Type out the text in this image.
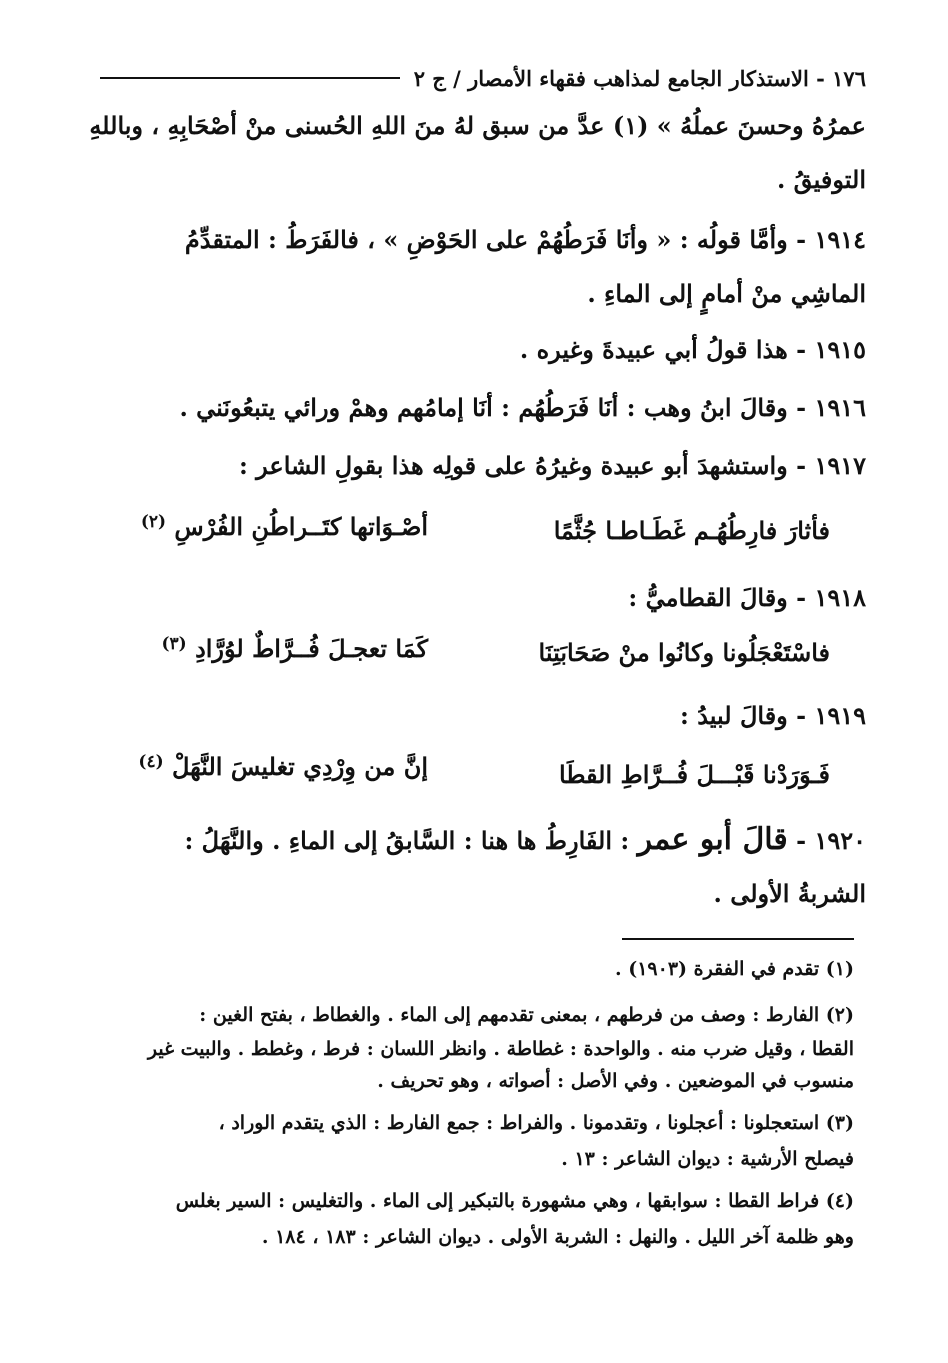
١٧٦ - الاستذكار الجامع لمذاهب فقهاء الأمصار / ج ٢
عمرُهُ وحسنَ عملُهُ » (١) عدَّ من سبق لهُ منَ اللهِ الحُسنى منْ أصْحَابِهِ ، وباللهِ
التوفيقُ .
١٩١٤ - وأمَّا قولُه : « وأنَا فَرَطُهُمْ على الحَوْضِ » ، فالفَرَطُ : المتقدِّمُ
الماشِي منْ أمامٍ إلى الماءِ .
١٩١٥ - هذا قولُ أبي عبيدةَ وغيره .
١٩١٦ - وقالَ ابنُ وهب : أنَا فَرَطُهُم : أنَا إمامُهم وهمْ ورائي يتبعُونَني .
١٩١٧ - واستشهدَ أبو عبيدة وغيرُهُ على قولِه هذا بقولِ الشاعر :
فأثارَ فارِطُهُـم غَطَـاطـا جُثَّمًا
أصْـوَاتها كتَــراطُنِ الفُرْسِ $^{(٢)}$
١٩١٨ - وقالَ القطاميُّ :
فاسْتَعْجَلُونا وكانُوا منْ صَحَابَتِنَا
كَمَا تعجـلَ فُــرَّاطٌ لوُرَّادِ $^{(٣)}$
١٩١٩ - وقالَ لبيدُ :
فَـوَرَدْنا قَبْـــلَ فُــرَّاطِ القطَا
إنَّ من وِرْدِي تغليسَ النَّهَلْ $^{(٤)}$
١٩٢٠ - قالَ أبو عمر : الفَارِطُ ها هنا : السَّابقُ إلى الماءِ . والنَّهَلُ :
الشربةُ الأولى .
(١) تقدم في الفقرة (١٩٠٣) .
(٢) الفارط : وصف من فرطهم ، بمعنى تقدمهم إلى الماء . والغطاط ، بفتح الغين :
القطا ، وقيل ضرب منه . والواحدة : غطاطة . وانظر اللسان : فرط ، وغطط . والبيت غير
منسوب في الموضعين . وفي الأصل : أصواته ، وهو تحريف .
(٣) استعجلونا : أعجلونا ، وتقدمونا . والفراط : جمع الفارط : الذي يتقدم الوراد ،
فيصلح الأرشية : ديوان الشاعر : ١٣ .
(٤) فراط القطا : سوابقها ، وهي مشهورة بالتبكير إلى الماء . والتغليس : السير بغلس
وهو ظلمة آخر الليل . والنهل : الشربة الأولى . ديوان الشاعر : ١٨٣ ، ١٨٤ .
